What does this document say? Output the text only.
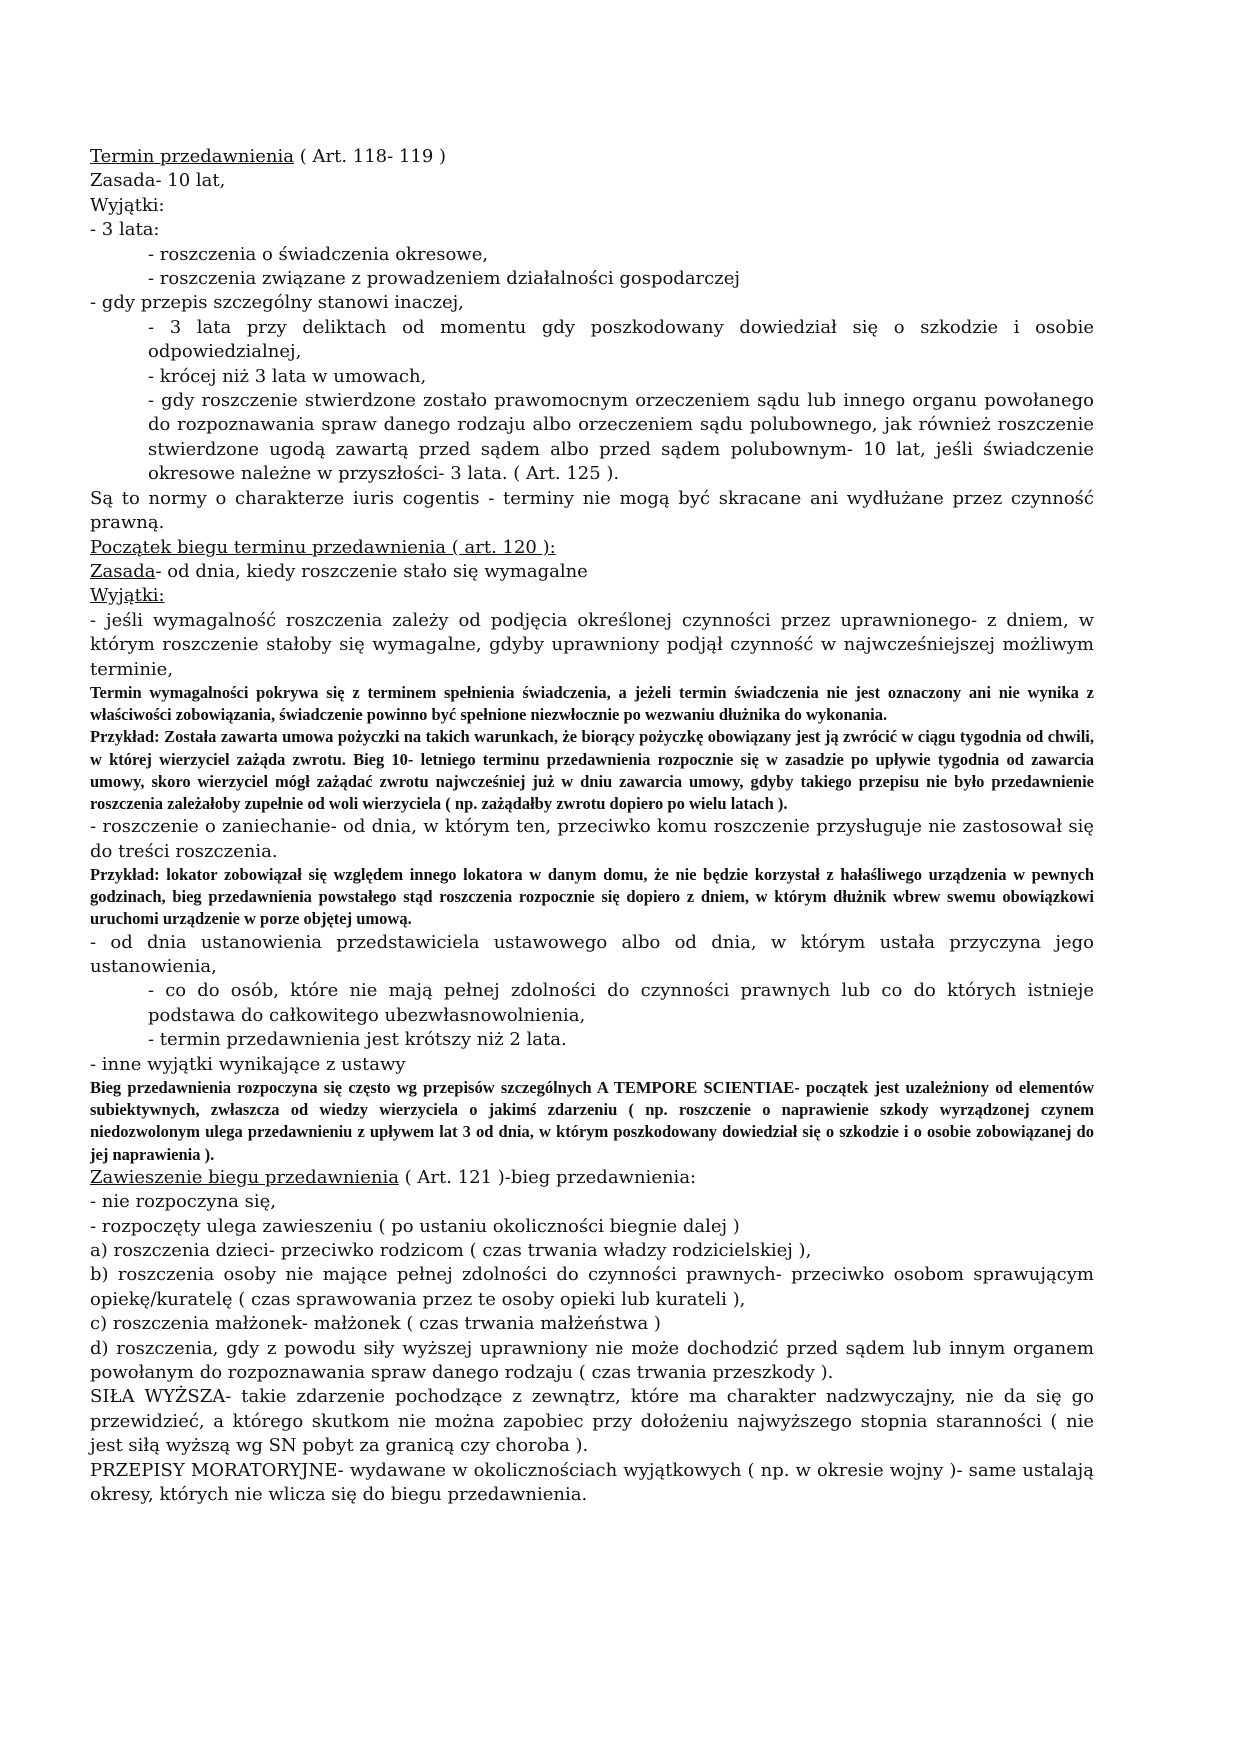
Termin przedawnienia ( Art. 118- 119 )

Zasada- 10 lat,

Wyjątki:

- 3 lata:

- roszczenia o świadczenia okresowe,

- roszczenia związane z prowadzeniem działalności gospodarczej

- gdy przepis szczególny stanowi inaczej,

- 3 lata przy deliktach od momentu gdy poszkodowany dowiedział się o szkodzie i osobie odpowiedzialnej,

- krócej niż 3 lata w umowach,

- gdy roszczenie stwierdzone zostało prawomocnym orzeczeniem sądu lub innego organu powołanego do rozpoznawania spraw danego rodzaju albo orzeczeniem sądu polubownego, jak również roszczenie stwierdzone ugodą zawartą przed sądem albo przed sądem polubownym- 10 lat, jeśli świadczenie okresowe należne w przyszłości- 3 lata. ( Art. 125 ).

Są to normy o charakterze iuris cogentis - terminy nie mogą być skracane ani wydłużane przez czynność prawną.

Początek biegu terminu przedawnienia ( art. 120 ):

Zasada- od dnia, kiedy roszczenie stało się wymagalne

Wyjątki:

- jeśli wymagalność roszczenia zależy od podjęcia określonej czynności przez uprawnionego- z dniem, w którym roszczenie stałoby się wymagalne, gdyby uprawniony podjął czynność w najwcześniejszej możliwym terminie,

Termin wymagalności pokrywa się z terminem spełnienia świadczenia, a jeżeli termin świadczenia nie jest oznaczony ani nie wynika z właściwości zobowiązania, świadczenie powinno być spełnione niezwłocznie po wezwaniu dłużnika do wykonania.

Przykład: Została zawarta umowa pożyczki na takich warunkach, że biorący pożyczkę obowiązany jest ją zwrócić w ciągu tygodnia od chwili, w której wierzyciel zażąda zwrotu. Bieg 10- letniego terminu przedawnienia rozpocznie się w zasadzie po upływie tygodnia od zawarcia umowy, skoro wierzyciel mógł zażądać zwrotu najwcześniej już w dniu zawarcia umowy, gdyby takiego przepisu nie było przedawnienie roszczenia zależałoby zupełnie od woli wierzyciela ( np. zażądałby zwrotu dopiero po wielu latach ).

- roszczenie o zaniechanie- od dnia, w którym ten, przeciwko komu roszczenie przysługuje nie zastosował się do treści roszczenia.

Przykład: lokator zobowiązał się względem innego lokatora w danym domu, że nie będzie korzystał z hałaśliwego urządzenia w pewnych godzinach, bieg przedawnienia powstałego stąd roszczenia rozpocznie się dopiero z dniem, w którym dłużnik wbrew swemu obowiązkowi uruchomi urządzenie w porze objętej umową.

- od dnia ustanowienia przedstawiciela ustawowego albo od dnia, w którym ustała przyczyna jego ustanowienia,

- co do osób, które nie mają pełnej zdolności do czynności prawnych lub co do których istnieje podstawa do całkowitego ubezwłasnowolnienia,

- termin przedawnienia jest krótszy niż 2 lata.

- inne wyjątki wynikające z ustawy

Bieg przedawnienia rozpoczyna się często wg przepisów szczególnych A TEMPORE SCIENTIAE- początek jest uzależniony od elementów subiektywnych, zwłaszcza od wiedzy wierzyciela o jakimś zdarzeniu ( np. roszczenie o naprawienie szkody wyrządzonej czynem niedozwolonym ulega przedawnieniu z upływem lat 3 od dnia, w którym poszkodowany dowiedział się o szkodzie i o osobie zobowiązanej do jej naprawienia ).

Zawieszenie biegu przedawnienia ( Art. 121 )-bieg przedawnienia:

- nie rozpoczyna się,

- rozpoczęty ulega zawieszeniu ( po ustaniu okoliczności biegnie dalej )

a) roszczenia dzieci- przeciwko rodzicom ( czas trwania władzy rodzicielskiej ),

b) roszczenia osoby nie mające pełnej zdolności do czynności prawnych- przeciwko osobom sprawującym opiekę/kuratelę ( czas sprawowania przez te osoby opieki lub kurateli ),

c) roszczenia małżonek- małżonek ( czas trwania małżeństwa )

d) roszczenia, gdy z powodu siły wyższej uprawniony nie może dochodzić przed sądem lub innym organem powołanym do rozpoznawania spraw danego rodzaju ( czas trwania przeszkody ).

SIŁA WYŻSZA- takie zdarzenie pochodzące z zewnątrz, które ma charakter nadzwyczajny, nie da się go przewidzieć, a którego skutkom nie można zapobiec przy dołożeniu najwyższego stopnia staranności ( nie jest siłą wyższą wg SN pobyt za granicą czy choroba ).

PRZEPISY MORATORYJNE- wydawane w okolicznościach wyjątkowych ( np. w okresie wojny )- same ustalają okresy, których nie wlicza się do biegu przedawnienia.
